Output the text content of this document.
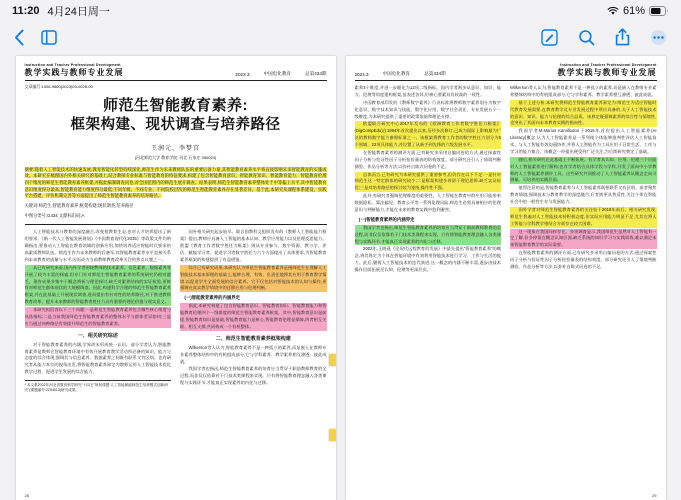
11:20 4月24日周一	61%
Instruction and Teacher Professional Development
教学实践与教师专业发展	2023.3	中国电化教育	总第434期
文章编号:1006-9860(2023)03-0028-09
师范生智能教育素养:
框架构建、现状调查与培养路径
王润元、李梦宫
(河北师范大学 教育学院, 河北 石家庄 050024)
摘要:随着人工智能技术的快速发展,教育智能化转型持续深化,师范生作为未来教师队伍的重要后备力量,其智能教育素养水平将直接影响未来智能教育的实施成效。本研究在梳理国内外相关研究的基础上,结合教师专业标准与智能教育的特征要求,构建了包含智能教育意识、智能教育知识、智能教育能力、智能教育伦理四个维度的师范生智能教育素养框架,并据此编制调查问卷,对全国范围内的师范生展开调查。结果表明,师范生智能教育素养整体处于中等偏上水平,其中智能教育意识维度得分最高,智能教育能力维度得分最低;不同年级、不同专业、不同院校层次的师范生智能教育素养存在显著差异。基于此,本研究从课程体系建设、实践平台搭建、评价机制完善等方面提出了师范生智能教育素养的培养路径。
关键词:师范生;智能教育素养;框架构建;现状调查;培养路径
中图分类号:G434 文献标识码:A

人工智能技术与教育的深度融合,改变着教育生态,也对人才培养提出了新的要求。《新一代人工智能发展规划》《中国教育现代化2035》等政策文件均明确指出,要推动人工智能在教育领域的创新应用,加快培养适应智能时代要求的高素质教师队伍。师范生作为未来教师的后备军,其智能教育素养水平直接关系到未来教育的质量与水平,因而成为当前教师教育改革关注的焦点议题之一。

从已有研究来看,国内外学者围绕教师的技术素养、信息素养、数据素养等开展了较为丰富的探索,但专门针对师范生智能教育素养的系统研究仍相对匮乏。现有成果多集中于概念辨析与理论探讨,缺乏对素养结构的实证检验,更鲜有对师范生群体现状的大规模调查。因此,构建科学合理的师范生智能教育素养框架,并在此基础上开展现状调查,进而提出有针对性的培养路径,对于推进教师教育改革、提升未来教师的智能教育胜任力具有重要的理论价值与现实意义。

本研究拟回答以下三个问题:一是师范生智能教育素养包含哪些核心维度与具体指标;二是当前我国师范生智能教育素养的整体水平与群体差异如何;三是应当通过何种路径有效提升师范生的智能教育素养。

一、相关研究综述

对于智能教育素养的内涵,学界尚未形成统一认识。部分学者认为,智能教育素养是教师在智能教育环境中有效开展教育教学活动所必备的知识、能力与态度的综合体现,强调其与信息素养、数据素养之间既有联系又有区别。也有研究者从能力本位的视角出发,将智能教育素养界定为教师运用人工智能技术优化教学过程、促进学生发展的综合能力。

* 本文系2022年河北省教育科学研究“十四五”规划课题“人工智能赋能师范生培养模式创新研究”(课题编号:2204013)研究成果。

国外相关研究起步较早。联合国教科文组织发布的《教师人工智能能力框架》提出,教师应具备人工智能的基本认知、教学应用能力以及伦理反思能力。欧盟《教育工作者数字胜任力框架》则从专业参与、数字资源、教与学、评估、赋能学习者、促进学习者数字胜任力六个方面提出了具体要求,为智能教育素养框架的构建提供了有益借鉴。

综合已有研究成果,本研究认为师范生智能教育素养是指师范生在理解人工智能技术基本原理的基础上,能够合理、有效、负责任地将其应用于教育教学情境,以促进学生全面发展的综合素养。它不仅包括对智能技术的认知与操作,更强调在真实教学情境中的迁移应用与伦理判断。

(一)智能教育素养的内涵界定

据此,本研究构建了包含智能教育意识、智能教育知识、智能教育能力和智能教育伦理四个一级维度的师范生智能教育素养框架。其中,智能教育意识是前提,智能教育知识是基础,智能教育能力是核心,智能教育伦理是保障,四者相互关联、相互支撑,共同构成一个有机整体。

二、师范生智能教育素养框架构建

Wilkerson等人认为,智能教育素养不是一种孤立的素养,而是嵌入在教师专业素养整体结构中的有机组成部分,它与学科素养、教学素养相互渗透、彼此成就。

我国学者也指出,师范生智能教育素养的培育应当贯穿于职前教师教育的全过程,而非仅仅依靠若干门技术类课程来实现。只有将智能教育理念融入各类课程与实践环节,才能真正实现素养的内化与迁移。

28
2023.3	中国电化教育	总第434期
Instruction and Teacher Professional Development
教学实践与教师专业发展

素养3个维度,并进一步细化为12项二级指标。国内学者则多从意识、知识、能力、伦理等角度建构框架,虽表述各异,但核心要素具有较高的一致性。

中国教育部印发的《教师数字素养》行业标准将教师数字素养划分为数字化意识、数字技术知识与技能、数字化应用、数字社会责任、专业发展五个一级维度,为本研究提供了重要的政策依据和理论支撑。

欧盟联合研究中心2017年发布的《欧洲教育工作者数字胜任力框架》(DigCompEdu)自1994年首次提出以来,历经多次修订,已成为国际上影响最为广泛的教师数字能力参照标准之一。该框架将教育工作者的数字胜任力划分为6个领域、22项具体能力,并设置了从新手到先锋的六级发展水平。

在智能教育素养的测评方面,已有研究多采用自编问卷的方式,通过探索性因子分析与验证性因子分析检验量表的结构效度。部分研究还引入了情境判断测验、作品分析等方法,以弥补自陈式问卷的不足。

总体而言,已有研究为本研究提供了重要参考,但仍存在以下不足:一是针对师范生这一特定群体的研究较少;二是框架构建多停留于理论思辨,缺乏实证检验;三是对培养路径的探讨较为笼统,操作性不强。

此外,有研究者强调伦理维度的重要性。人工智能在教育中的应用可能带来数据隐私、算法偏见、教育公平等一系列伦理风险,师范生必须具备相应的伦理意识与判断能力,才能在未来的教育实践中趋利避害。

(一)智能教育素养的内涵界定

我国学者也指出,师范生智能教育素养的培育应当贯穿于职前教师教育的全过程,而非仅仅依靠若干门技术类课程来实现。只有将智能教育理念融入各类课程与实践环节,才能真正实现素养的内化与迁移。

2002年,王晓燕《论现代远程教育的发展》中最先提出“智能教育素养”的概念,将其界定为个体在智能环境中有效利用智能技术进行学习、工作与生活的能力。此后,随着人工智能技术的迭代演进,这一概念的内涵不断丰富,逐步由技术操作层面拓展至认知、伦理等更深层次。

Wilkerson等人认为,智能教育素养不是一种孤立的素养,而是嵌入在教师专业素养整体结构中的有机组成部分,它与学科素养、教学素养相互渗透、彼此成就。

基于上述分析,本研究将师范生智能教育素养界定为:师范生为适应智能时代教育发展需要,在教育教学及专业发展过程中所应具备的,关于人工智能技术的意识、知识、能力与伦理的综合品质。该界定既强调素养的综合性与情境性,也突出了其面向未来教育实践的指向性。

我国学者M.Marios Kamillodori于2016年首次提出人工智能素养(AI Literacy)概念,认为人工智能素养是一系列使个体能够批判性评估人工智能技术、与人工智能有效沟通协作,并将人工智能作为工具应用于日常生活、工作与学习的能力集合。该概念一经提出便受到广泛关注,为后续研究奠定了基础。

随后,相关研究在此基础上不断拓展。有学者从认知、应用、伦理三个层面对人工智能素养进行解构;也有学者结合具体学段与学科,开发了面向中小学教师的人工智能素养测评工具。这些研究共同推动了人工智能素养从概念走向可测量、可培养的实践层面。

值得注意的是,智能教育素养与人工智能素养既相联系又有区别。前者聚焦教育情境,强调技术与教育教学的深度融合;后者则更具普适性,关注个体在智能社会中的一般性生存与发展能力。

国外学者对师范生智能教育素养的关注始于2018年前后。相关研究发现,师范生普遍对人工智能技术持积极态度,但实际应用能力明显不足,尤其在将人工智能与学科教学相结合方面存在较大困难。

这一现象在我国同样存在。多项调查显示,我国师范生虽然对人工智能有一定了解,但多停留在概念认知层面,缺乏系统的知识学习与实践训练,难以满足未来智能教育教学的实际需要。

在智能教育素养的测评方面,已有研究多采用自编问卷的方式,通过探索性因子分析与验证性因子分析检验量表的结构效度。部分研究还引入了情境判断测验、作品分析等方法,以弥补自陈式问卷的不足。

29
